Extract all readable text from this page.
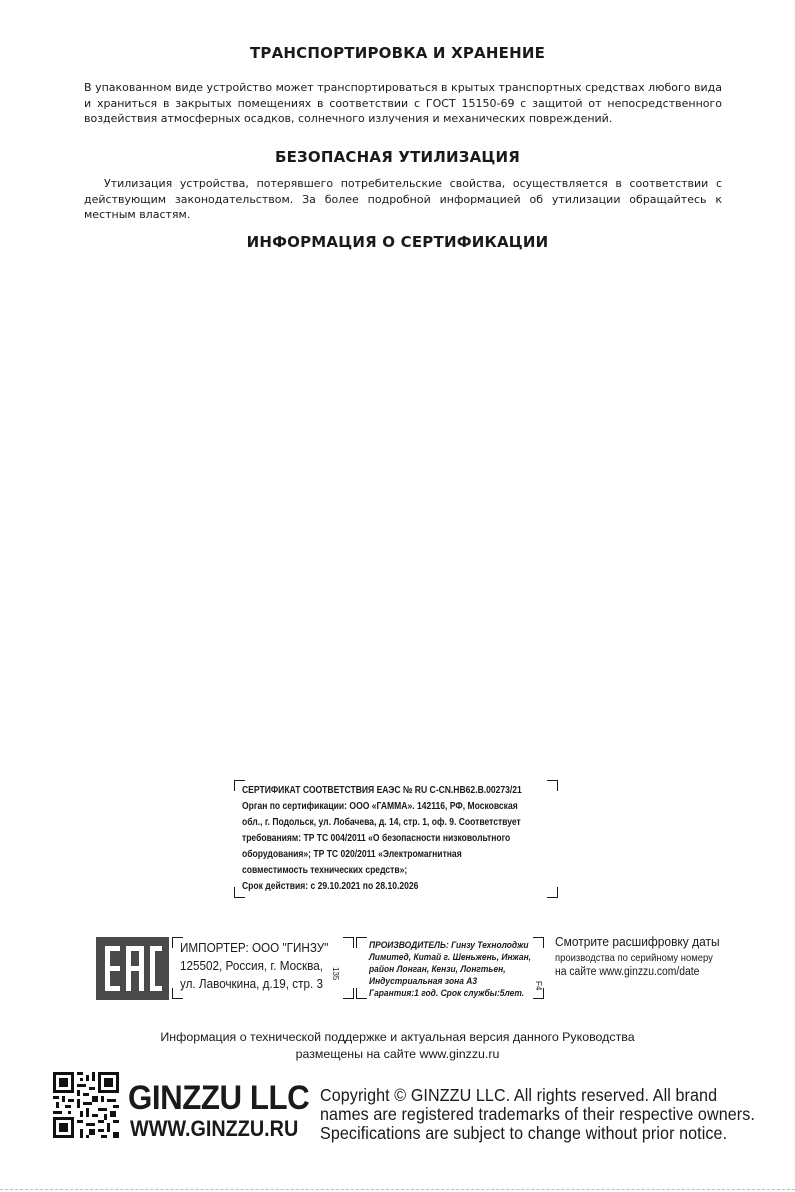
ТРАНСПОРТИРОВКА И ХРАНЕНИЕ

В упакованном виде устройство может транспортироваться в крытых транспортных средствах любого вида и храниться в закрытых помещениях в соответствии с ГОСТ 15150-69 с защитой от непосредственного воздействия атмосферных осадков, солнечного излучения и механических повреждений.

БЕЗОПАСНАЯ УТИЛИЗАЦИЯ

Утилизация устройства, потерявшего потребительские свойства, осуществляется в соответствии с действующим законодательством. За более подробной информацией об утилизации обращайтесь к местным властям.

ИНФОРМАЦИЯ О СЕРТИФИКАЦИИ
СЕРТИФИКАТ СООТВЕТСТВИЯ ЕАЭС № RU С-CN.НВ62.В.00273/21
Орган по сертификации: ООО «ГАММА». 142116, РФ, Московская
обл., г. Подольск, ул. Лобачева, д. 14, стр. 1, оф. 9. Соответствует
требованиям: ТР ТС 004/2011 «О безопасности низковольтного
оборудования»; ТР ТС 020/2011 «Электромагнитная
совместимость технических средств»;
Срок действия: с 29.10.2021 по 28.10.2026
ИМПОРТЕР: ООО "ГИНЗУ"
125502, Россия, г. Москва,
ул. Лавочкина, д.19, стр. 3
135
ПРОИЗВОДИТЕЛЬ: Гинзу Технолоджи
Лимитед, Китай г. Шеньжень, Инжан,
район Лонган, Кензи, Лонгтьен,
Индустриальная зона А3
Гарантия:1 год. Срок службы:5лет.
F4
Смотрите расшифровку даты
производства по серийному номеру
на сайте www.ginzzu.com/date

Информация о технической поддержке и актуальная версия данного Руководства

размещены на сайте www.ginzzu.ru

GINZZU LLC
WWW.GINZZU.RU
Copyright © GINZZU LLC. All rights reserved. All brand
names are registered trademarks of their respective owners.
Specifications are subject to change without prior notice.
